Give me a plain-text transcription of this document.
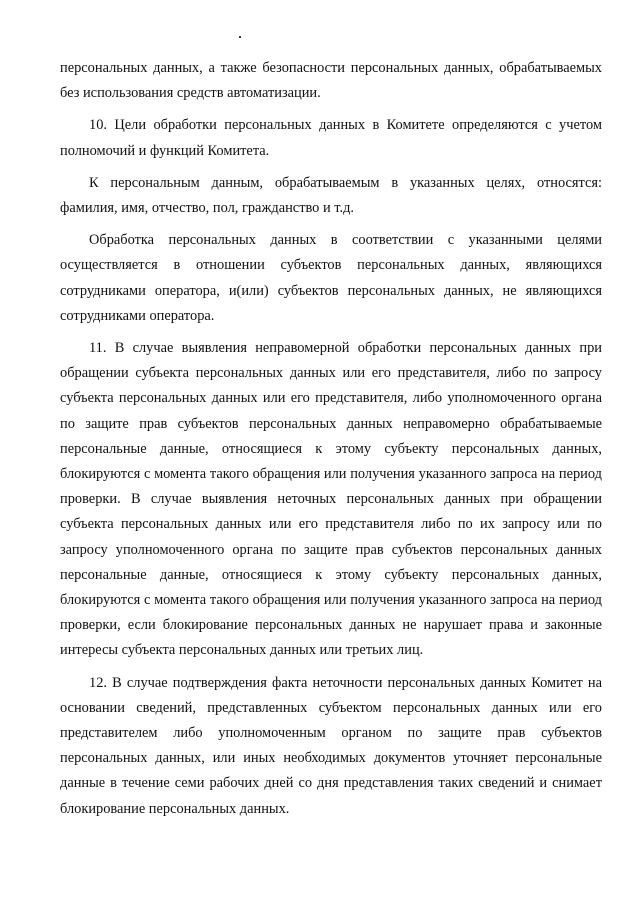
персональных данных, а также безопасности персональных данных, обрабатываемых без использования средств автоматизации.

10. Цели обработки персональных данных в Комитете определяются с учетом полномочий и функций Комитета.

К персональным данным, обрабатываемым в указанных целях, относятся: фамилия, имя, отчество, пол, гражданство и т.д.

Обработка персональных данных в соответствии с указанными целями осуществляется в отношении субъектов персональных данных, являющихся сотрудниками оператора, и(или) субъектов персональных данных, не являющихся сотрудниками оператора.

11. В случае выявления неправомерной обработки персональных данных при обращении субъекта персональных данных или его представителя, либо по запросу субъекта персональных данных или его представителя, либо уполномоченного органа по защите прав субъектов персональных данных неправомерно обрабатываемые персональные данные, относящиеся к этому субъекту персональных данных, блокируются с момента такого обращения или получения указанного запроса на период проверки. В случае выявления неточных персональных данных при обращении субъекта персональных данных или его представителя либо по их запросу или по запросу уполномоченного органа по защите прав субъектов персональных данных персональные данные, относящиеся к этому субъекту персональных данных, блокируются с момента такого обращения или получения указанного запроса на период проверки, если блокирование персональных данных не нарушает права и законные интересы субъекта персональных данных или третьих лиц.

12. В случае подтверждения факта неточности персональных данных Комитет на основании сведений, представленных субъектом персональных данных или его представителем либо уполномоченным органом по защите прав субъектов персональных данных, или иных необходимых документов уточняет персональные данные в течение семи рабочих дней со дня представления таких сведений и снимает блокирование персональных данных.
